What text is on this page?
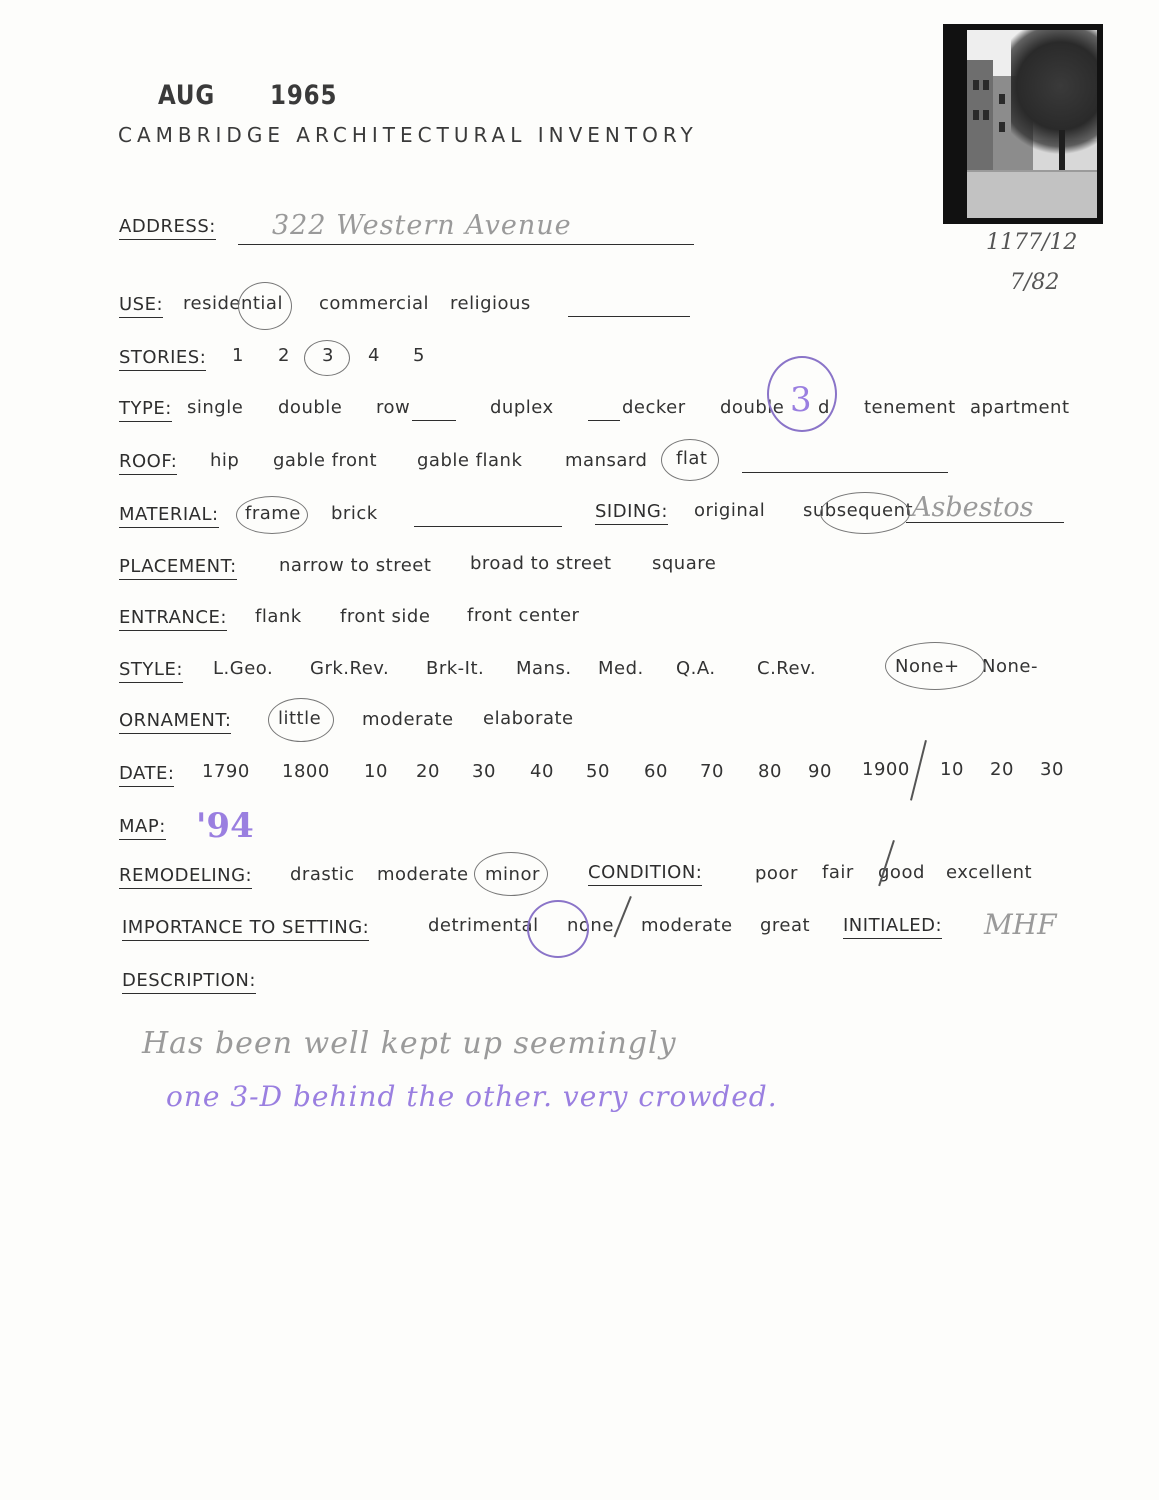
AUG 1965
CAMBRIDGE ARCHITECTURAL INVENTORY
1177/12
7/82
ADDRESS: 322 Western Avenue
USE: residential commercial religious
STORIES: 1 2 3 4 5
TYPE: single double row	duplex	decker double 3 d tenement apartment
ROOF: hip gable front gable flank mansard flat
MATERIAL: frame brick	SIDING: original subsequent
Asbestos
PLACEMENT: narrow to street broad to street square
ENTRANCE: flank front side front center
STYLE: L.Geo. Grk.Rev. Brk-It. Mans. Med. Q.A. C.Rev.	None+ None-
ORNAMENT:	little moderate elaborate
DATE: 1790 1800 10 20 30 40 50 60 70 80 90 1900 10 20 30
MAP: '94
REMODELING: drastic moderate minor	CONDITION:	poor fair good excellent
IMPORTANCE TO SETTING:	detrimental none moderate great INITIALED: MHF
DESCRIPTION:
Has been well kept up seemingly
one 3-D behind the other. very crowded.
